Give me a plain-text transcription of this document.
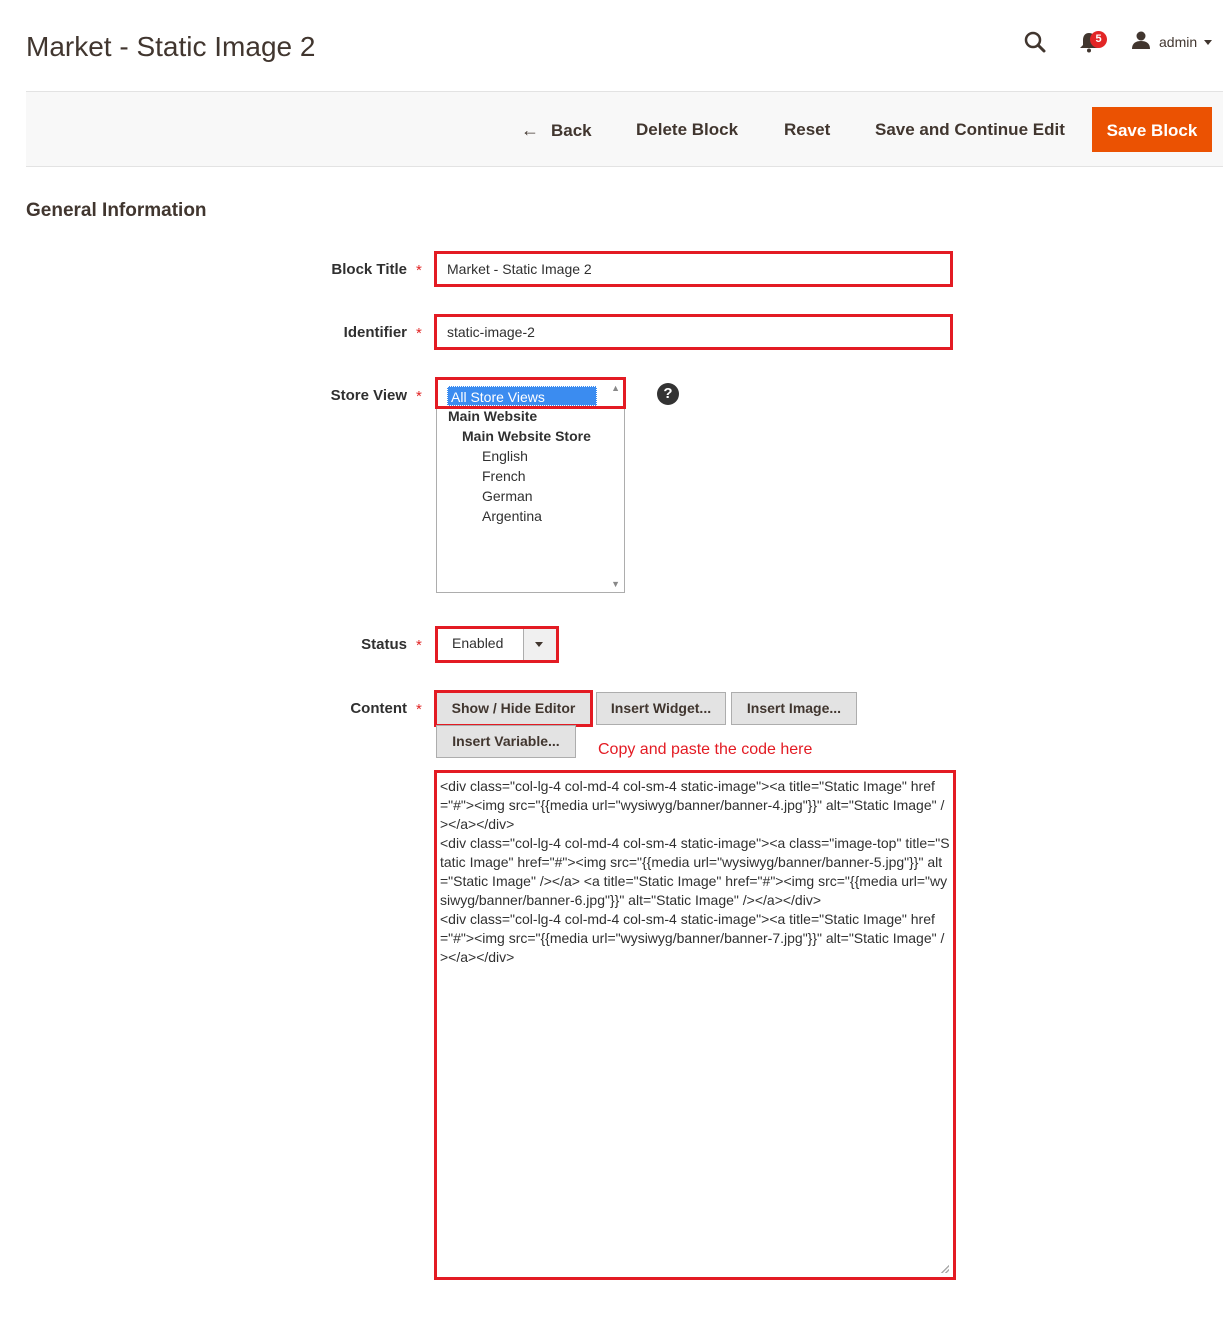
Market - Static Image 2	5	admin
← Back	Delete Block	Reset	Save and Continue Edit	Save Block
General Information
Block Title *	Market - Static Image 2
Identifier *	static-image-2
Store View *	▲
▼
All Store Views
Main Website
Main Website Store
English
French
German
Argentina
?
Status * Enabled
Content *	Show / Hide Editor	Insert Widget...	Insert Image...
Insert Variable...	Copy and paste the code here
<div class="col-lg-4 col-md-4 col-sm-4 static-image"><a title="Static Image" href="#"><img src="{{media url="wysiwyg/banner/banner-4.jpg"}}" alt="Static Image" /></a></div>
<div class="col-lg-4 col-md-4 col-sm-4 static-image"><a class="image-top" title="Static Image" href="#"><img src="{{media url="wysiwyg/banner/banner-5.jpg"}}" alt="Static Image" /></a> <a title="Static Image" href="#"><img src="{{media url="wysiwyg/banner/banner-6.jpg"}}" alt="Static Image" /></a></div>
<div class="col-lg-4 col-md-4 col-sm-4 static-image"><a title="Static Image" href="#"><img src="{{media url="wysiwyg/banner/banner-7.jpg"}}" alt="Static Image" /></a></div>
